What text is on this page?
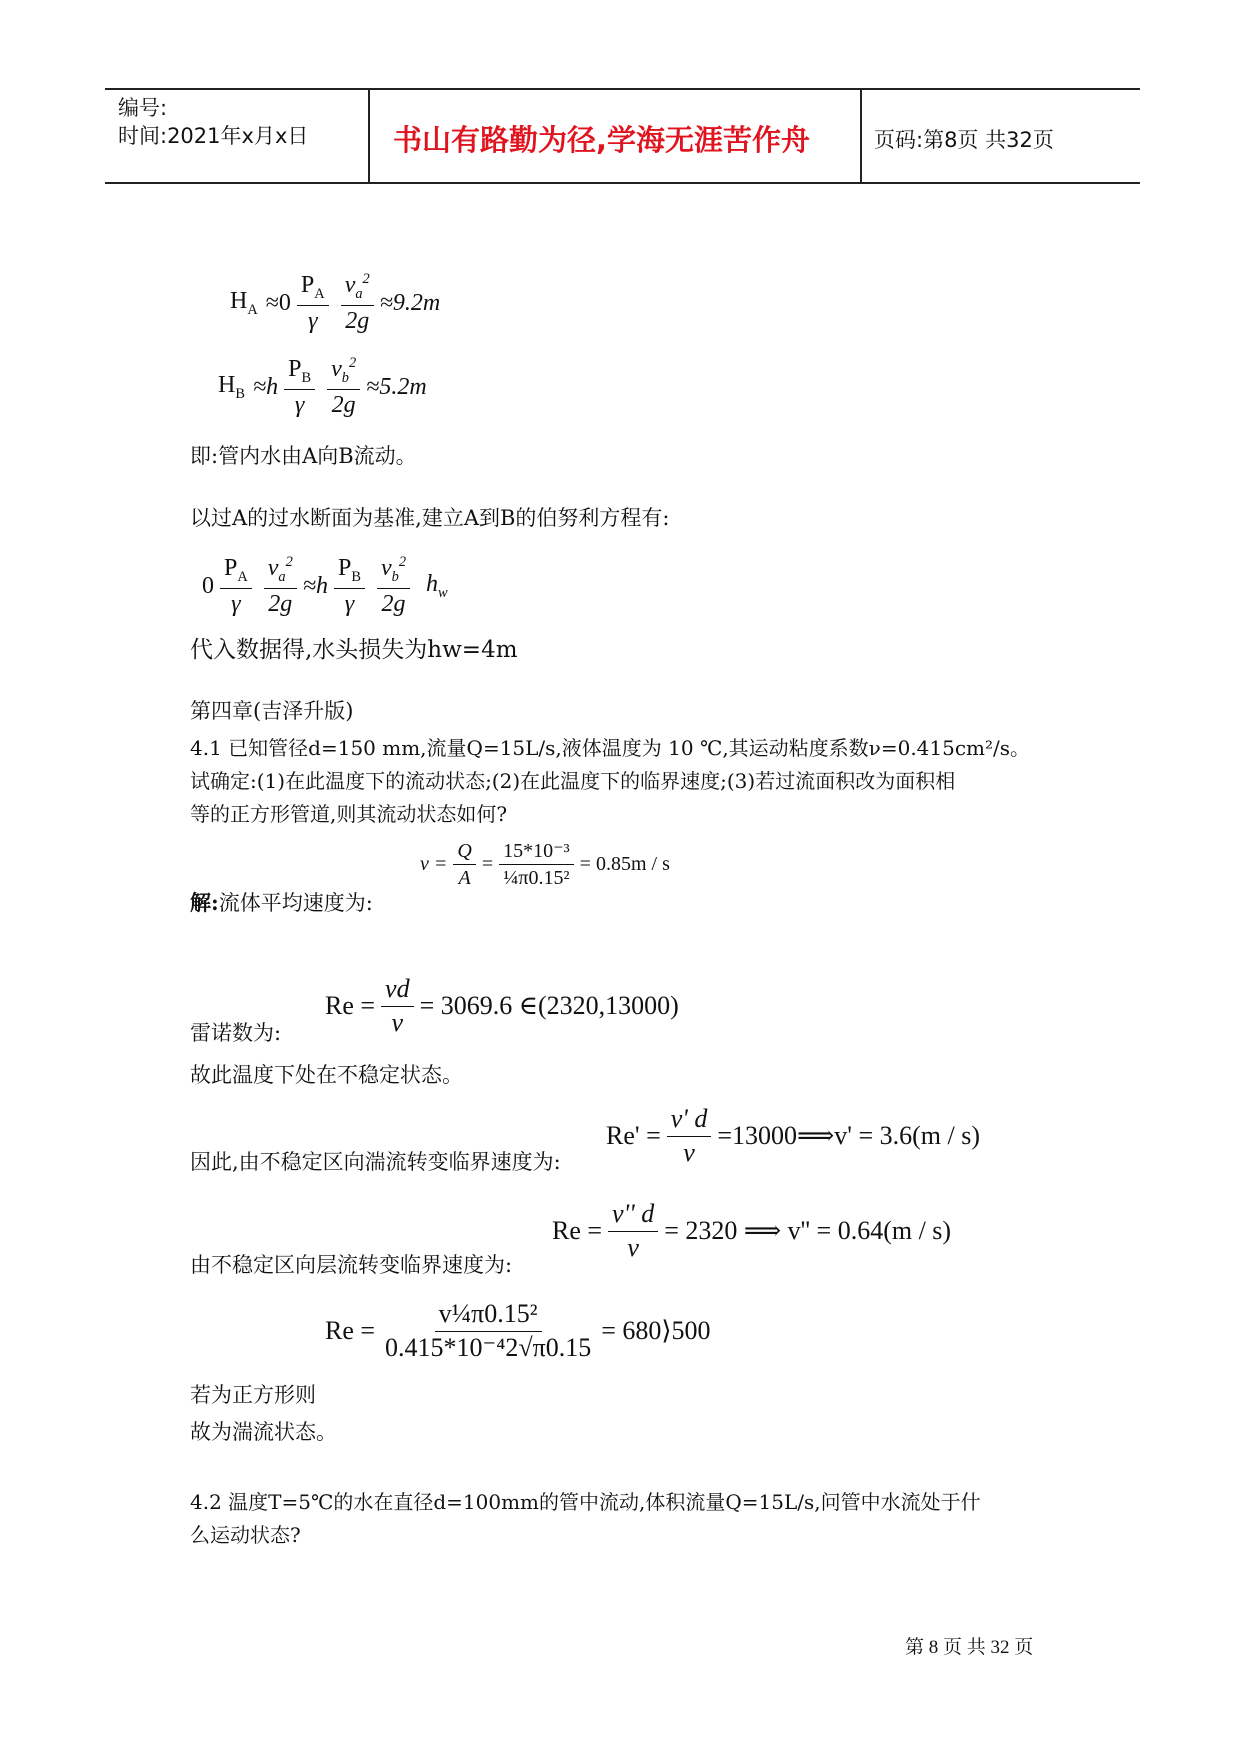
编号:
时间:2021年x月x日	书山有路勤为径,学海无涯苦作舟	页码:第8页 共32页
$H_A \approx 0 \frac{P_A}{\gamma} \frac{v_a^2}{2g} \approx 9.2m$
$H_B \approx h \frac{P_B}{\gamma} \frac{v_b^2}{2g} \approx 5.2m$
即:管内水由A向B流动。
以过A的过水断面为基准,建立A到B的伯努利方程有:
$0 \frac{P_A}{\gamma} \frac{v_a^2}{2g} \approx h \frac{P_B}{\gamma} \frac{v_b^2}{2g} h_w$
代入数据得,水头损失为hw=4m
第四章(吉泽升版)
4.1 已知管径d=150 mm,流量Q=15L/s,液体温度为 10 ℃,其运动粘度系数ν=0.415cm²/s。
试确定:(1)在此温度下的流动状态;(2)在此温度下的临界速度;(3)若过流面积改为面积相
等的正方形管道,则其流动状态如何?
$v = \frac{Q}{A} = \frac{\text{15*10⁻³}}{\text{¼π0.15²}} = 0.85m / s$
解:流体平均速度为:
$Re = \frac{vd}{\nu} = 3069.6$ ∈(2320,13000)
雷诺数为:
故此温度下处在不稳定状态。
$Re' = \frac{v' d}{\nu}$ =13000⟹v' = 3.6(m / s)
因此,由不稳定区向湍流转变临界速度为:
$Re = \frac{v'' d}{\nu} = 2320$ ⟹ v'' = 0.64(m / s)
由不稳定区向层流转变临界速度为:
$Re = \frac{\text{v¼π0.15²}}{\text{0.415*10⁻⁴2√π0.15}}$ = 680⟩500
若为正方形则
故为湍流状态。
4.2 温度T=5℃的水在直径d=100mm的管中流动,体积流量Q=15L/s,问管中水流处于什
么运动状态?
第 8 页 共 32 页
